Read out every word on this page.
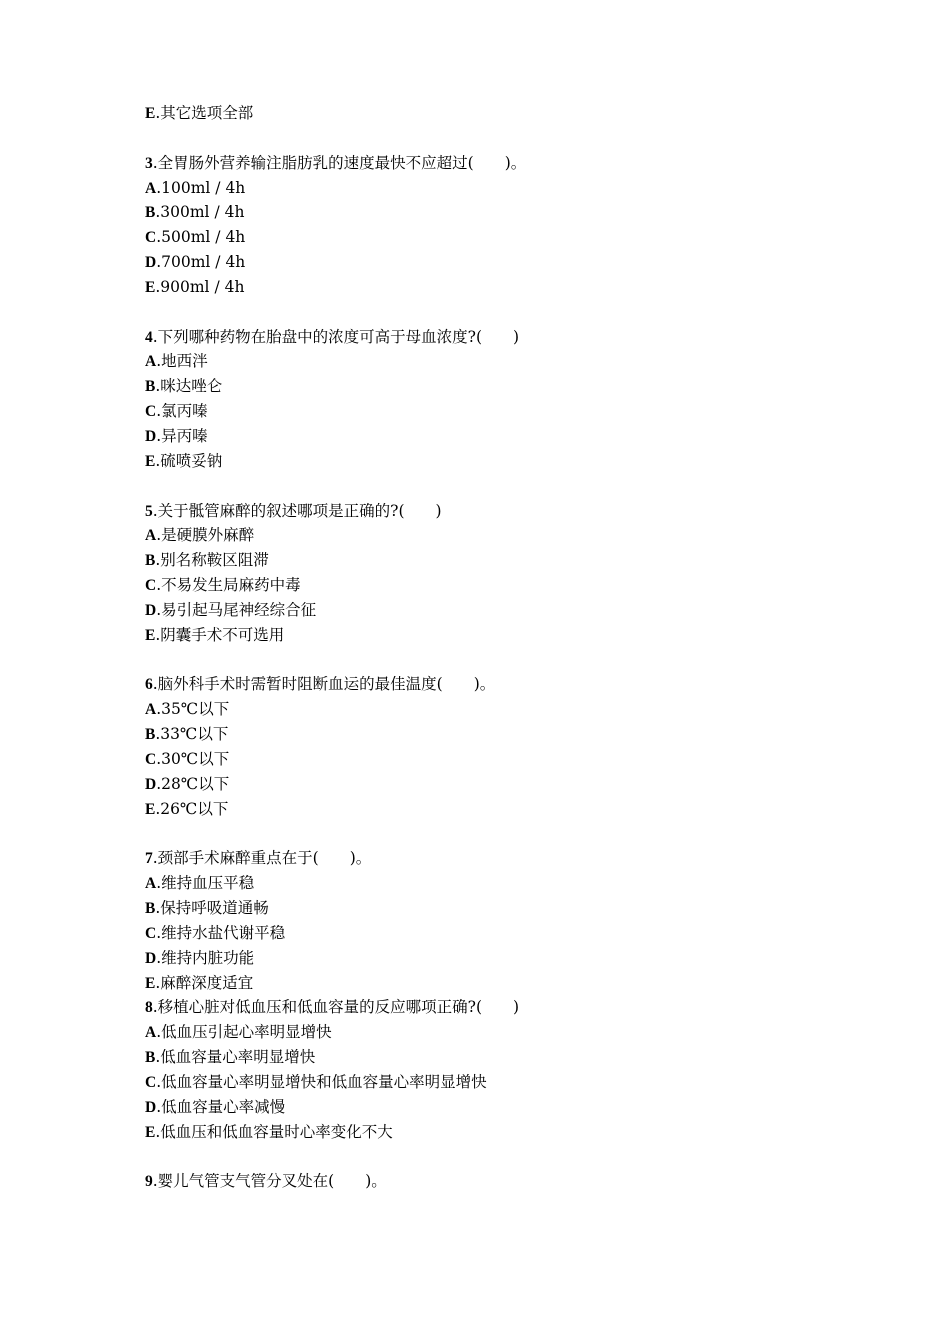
E.其它选项全部
3.全胃肠外营养输注脂肪乳的速度最快不应超过(　　)。
A.100ml / 4h
B.300ml / 4h
C.500ml / 4h
D.700ml / 4h
E.900ml / 4h
4.下列哪种药物在胎盘中的浓度可高于母血浓度?(　　)
A.地西泮
B.咪达唑仑
C.氯丙嗪
D.异丙嗪
E.硫喷妥钠
5.关于骶管麻醉的叙述哪项是正确的?(　　)
A.是硬膜外麻醉
B.别名称鞍区阻滞
C.不易发生局麻药中毒
D.易引起马尾神经综合征
E.阴囊手术不可选用
6.脑外科手术时需暂时阻断血运的最佳温度(　　)。
A.35℃以下
B.33℃以下
C.30℃以下
D.28℃以下
E.26℃以下
7.颈部手术麻醉重点在于(　　)。
A.维持血压平稳
B.保持呼吸道通畅
C.维持水盐代谢平稳
D.维持内脏功能
E.麻醉深度适宜
8.移植心脏对低血压和低血容量的反应哪项正确?(　　)
A.低血压引起心率明显增快
B.低血容量心率明显增快
C.低血容量心率明显增快和低血容量心率明显增快
D.低血容量心率减慢
E.低血压和低血容量时心率变化不大
9.婴儿气管支气管分叉处在(　　)。
